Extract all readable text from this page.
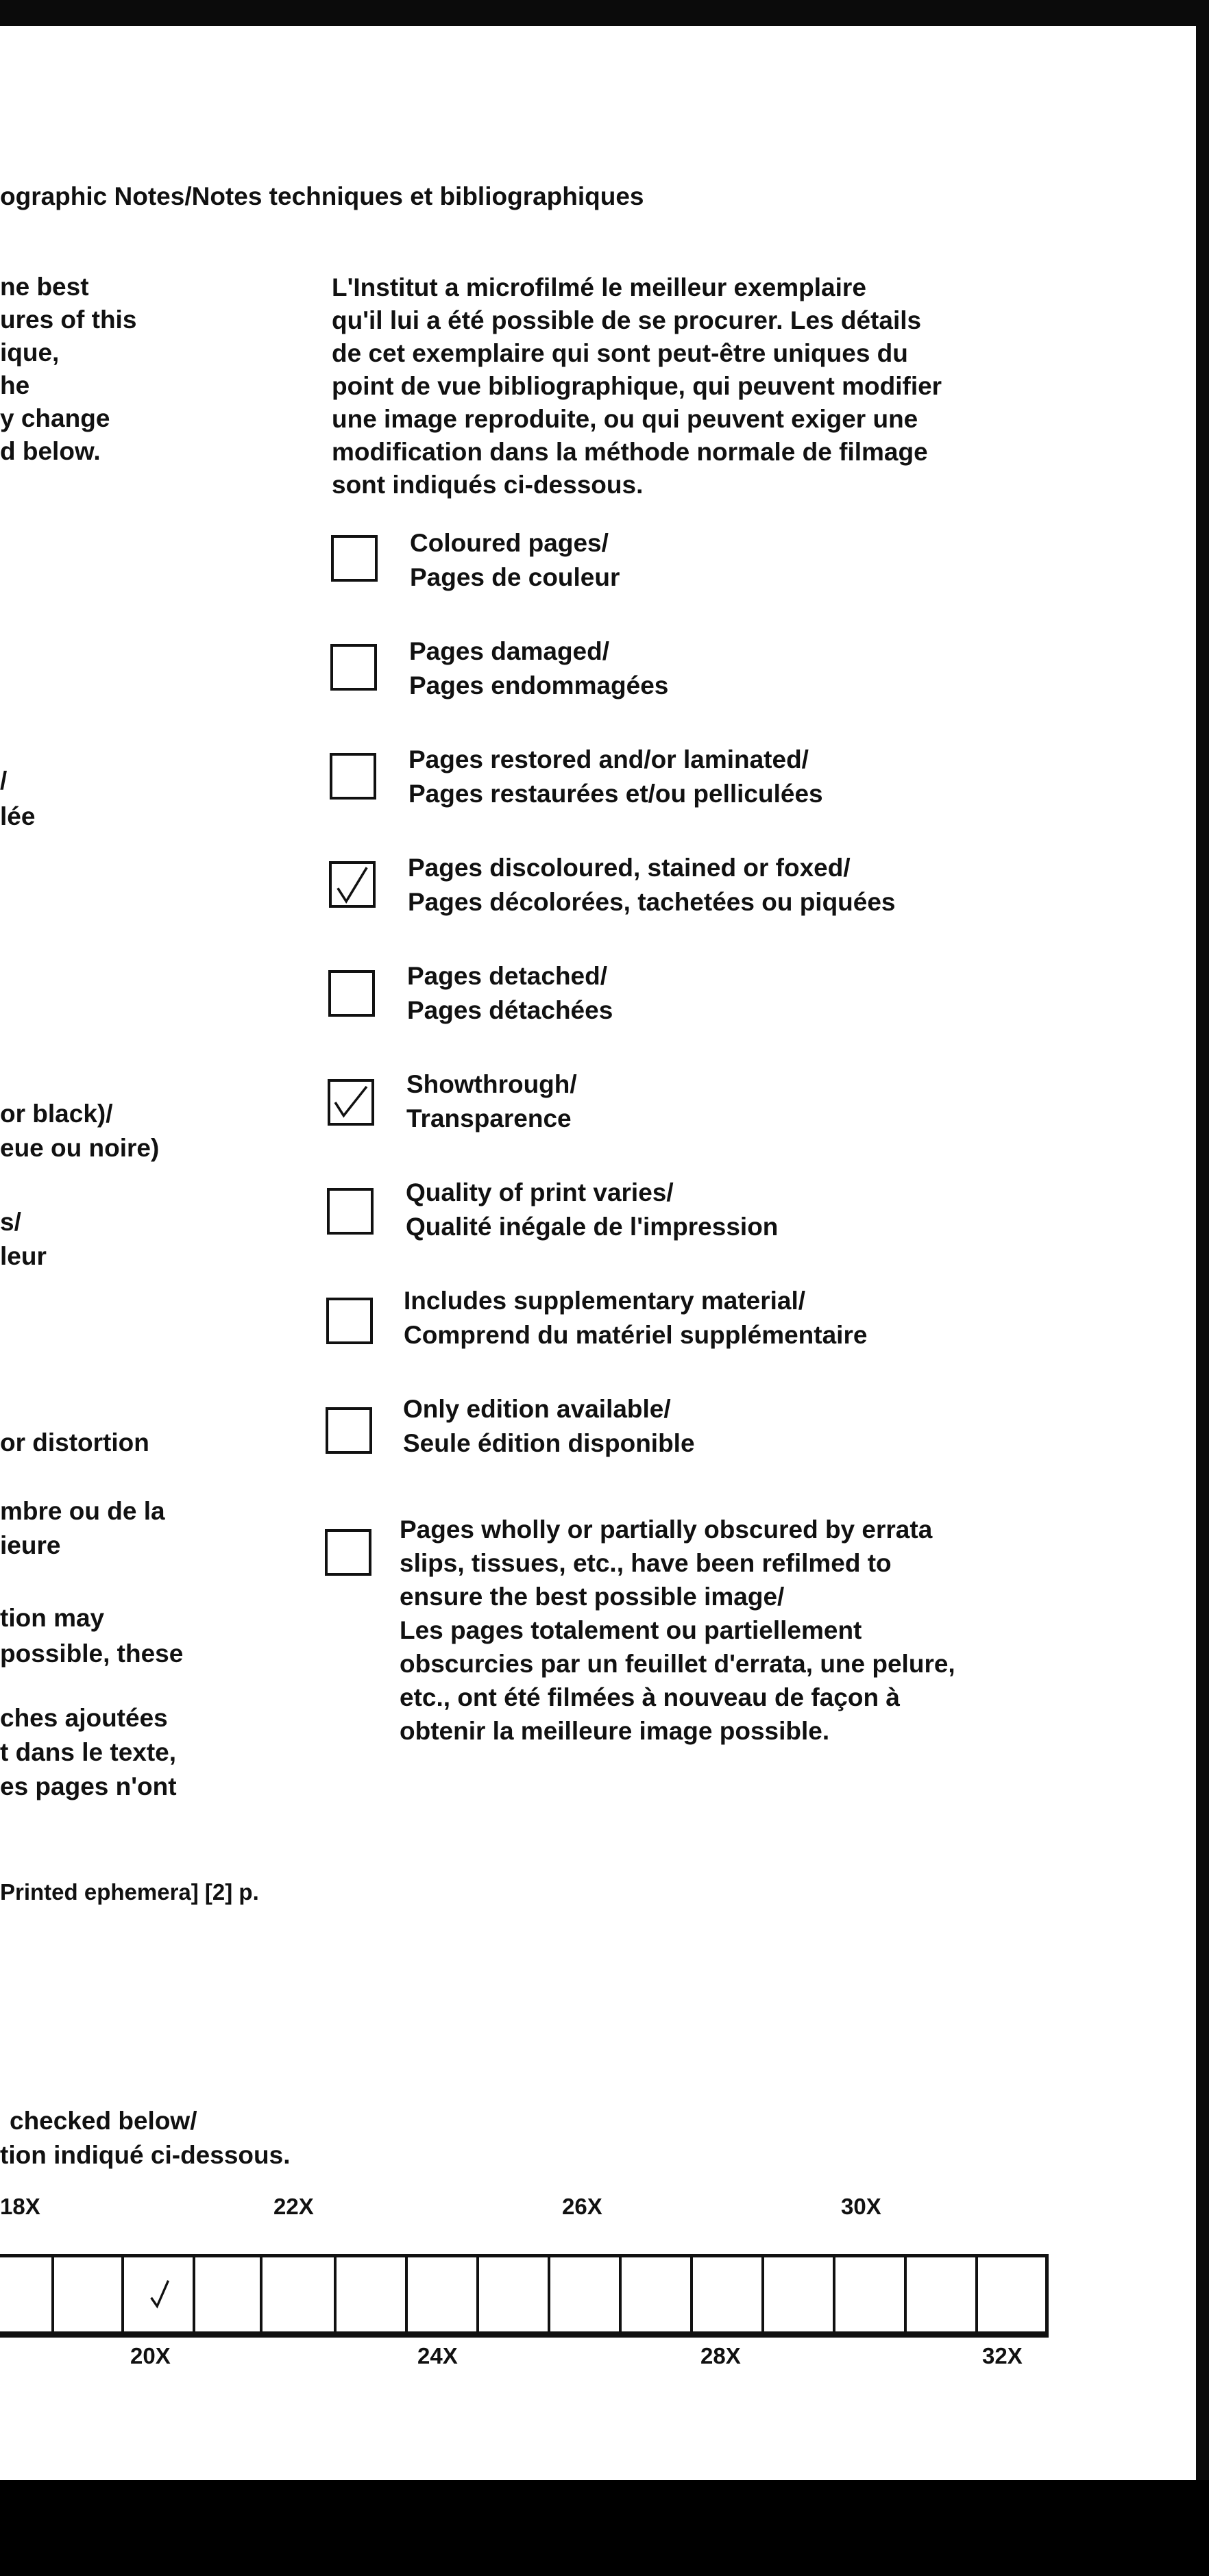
ographic Notes/Notes techniques et bibliographiques
ne best
ures of this
ique,
he
y change
d below.
/
lée
or black)/
eue ou noire)
s/
leur
or distortion
mbre ou de la
ieure
tion may
possible, these
ches ajoutées
t dans le texte,
es pages n'ont
Printed ephemera] [2] p.
L'Institut a microfilmé le meilleur exemplaire
qu'il lui a été possible de se procurer. Les détails
de cet exemplaire qui sont peut-être uniques du
point de vue bibliographique, qui peuvent modifier
une image reproduite, ou qui peuvent exiger une
modification dans la méthode normale de filmage
sont indiqués ci-dessous.
Coloured pages/
Pages de couleur
Pages damaged/
Pages endommagées
Pages restored and/or laminated/
Pages restaurées et/ou pelliculées
Pages discoloured, stained or foxed/
Pages décolorées, tachetées ou piquées
Pages detached/
Pages détachées
Showthrough/
Transparence
Quality of print varies/
Qualité inégale de l'impression
Includes supplementary material/
Comprend du matériel supplémentaire
Only edition available/
Seule édition disponible
Pages wholly or partially obscured by errata
slips, tissues, etc., have been refilmed to
ensure the best possible image/
Les pages totalement ou partiellement
obscurcies par un feuillet d'errata, une pelure,
etc., ont été filmées à nouveau de façon à
obtenir la meilleure image possible.
checked below/
tion indiqué ci-dessous.
18X	22X	26X	30X
20X	24X	28X	32X
